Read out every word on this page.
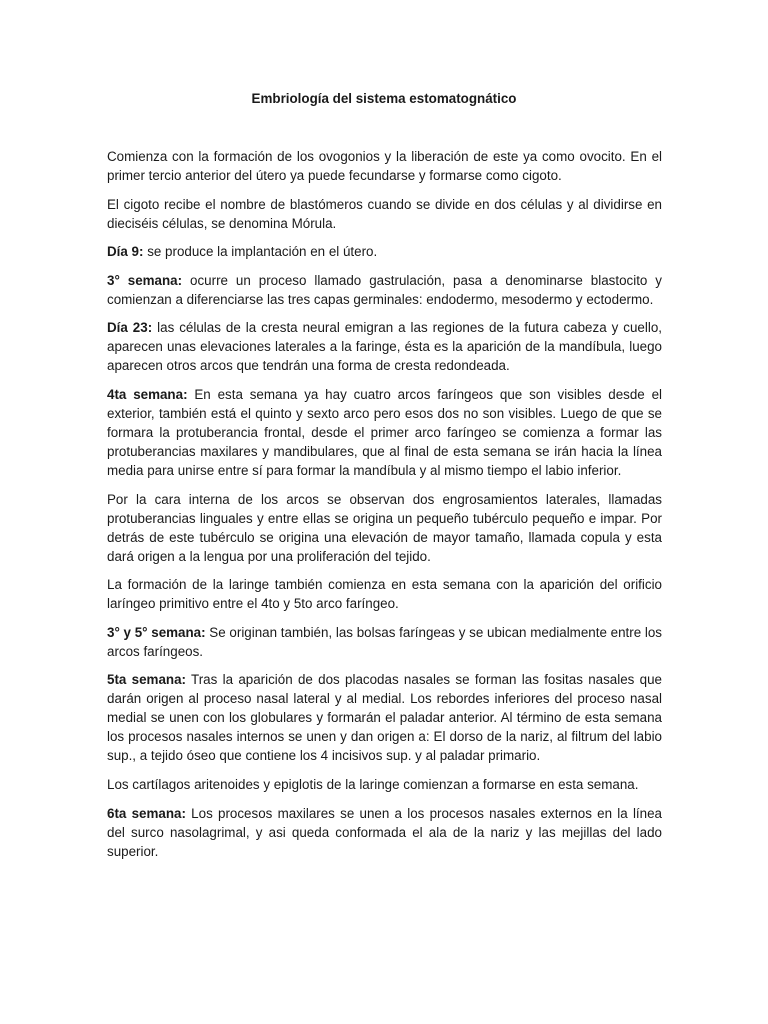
Embriología del sistema estomatognático

Comienza con la formación de los ovogonios y la liberación de este ya como ovocito. En el primer tercio anterior del útero ya puede fecundarse y formarse como cigoto.

El cigoto recibe el nombre de blastómeros cuando se divide en dos células y al dividirse en dieciséis células, se denomina Mórula.

Día 9: se produce la implantación en el útero.

3° semana: ocurre un proceso llamado gastrulación, pasa a denominarse blastocito y comienzan a diferenciarse las tres capas germinales: endodermo, mesodermo y ectodermo.

Día 23: las células de la cresta neural emigran a las regiones de la futura cabeza y cuello, aparecen unas elevaciones laterales a la faringe, ésta es la aparición de la mandíbula, luego aparecen otros arcos que tendrán una forma de cresta redondeada.

4ta semana: En esta semana ya hay cuatro arcos faríngeos que son visibles desde el exterior, también está el quinto y sexto arco pero esos dos no son visibles. Luego de que se formara la protuberancia frontal, desde el primer arco faríngeo se comienza a formar las protuberancias maxilares y mandibulares, que al final de esta semana se irán hacia la línea media para unirse entre sí para formar la mandíbula y al mismo tiempo el labio inferior.

Por la cara interna de los arcos se observan dos engrosamientos laterales, llamadas protuberancias linguales y entre ellas se origina un pequeño tubérculo pequeño e impar. Por detrás de este tubérculo se origina una elevación de mayor tamaño, llamada copula y esta dará origen a la lengua por una proliferación del tejido.

La formación de la laringe también comienza en esta semana con la aparición del orificio laríngeo primitivo entre el 4to y 5to arco faríngeo.

3° y 5° semana: Se originan también, las bolsas faríngeas y se ubican medialmente entre los arcos faríngeos.

5ta semana: Tras la aparición de dos placodas nasales se forman las fositas nasales que darán origen al proceso nasal lateral y al medial. Los rebordes inferiores del proceso nasal medial se unen con los globulares y formarán el paladar anterior. Al término de esta semana los procesos nasales internos se unen y dan origen a: El dorso de la nariz, al filtrum del labio sup., a tejido óseo que contiene los 4 incisivos sup. y al paladar primario.

Los cartílagos aritenoides y epiglotis de la laringe comienzan a formarse en esta semana.

6ta semana: Los procesos maxilares se unen a los procesos nasales externos en la línea del surco nasolagrimal, y asi queda conformada el ala de la nariz y las mejillas del lado superior.
